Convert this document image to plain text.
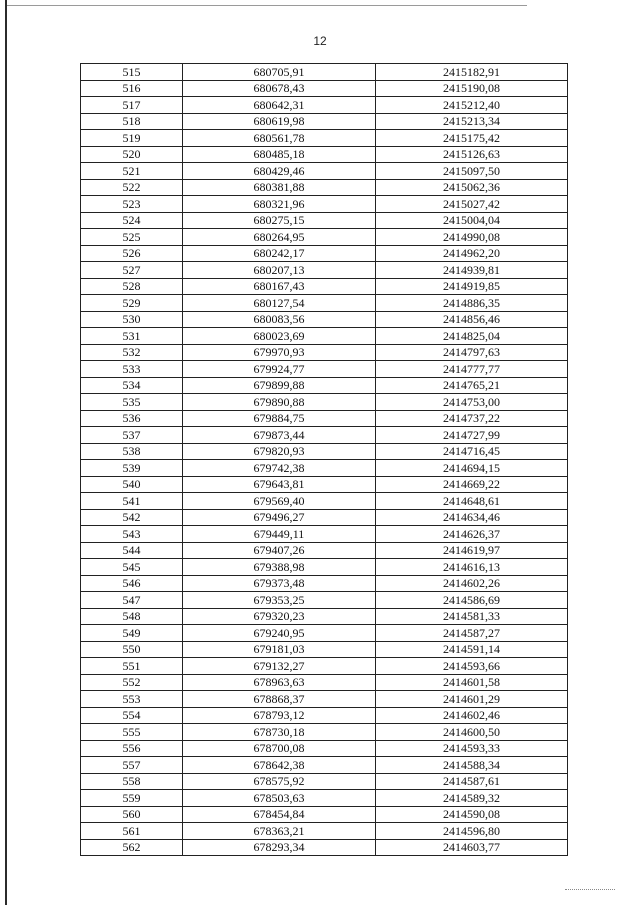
12
515	680705,91	2415182,91
516	680678,43	2415190,08
517	680642,31	2415212,40
518	680619,98	2415213,34
519	680561,78	2415175,42
520	680485,18	2415126,63
521	680429,46	2415097,50
522	680381,88	2415062,36
523	680321,96	2415027,42
524	680275,15	2415004,04
525	680264,95	2414990,08
526	680242,17	2414962,20
527	680207,13	2414939,81
528	680167,43	2414919,85
529	680127,54	2414886,35
530	680083,56	2414856,46
531	680023,69	2414825,04
532	679970,93	2414797,63
533	679924,77	2414777,77
534	679899,88	2414765,21
535	679890,88	2414753,00
536	679884,75	2414737,22
537	679873,44	2414727,99
538	679820,93	2414716,45
539	679742,38	2414694,15
540	679643,81	2414669,22
541	679569,40	2414648,61
542	679496,27	2414634,46
543	679449,11	2414626,37
544	679407,26	2414619,97
545	679388,98	2414616,13
546	679373,48	2414602,26
547	679353,25	2414586,69
548	679320,23	2414581,33
549	679240,95	2414587,27
550	679181,03	2414591,14
551	679132,27	2414593,66
552	678963,63	2414601,58
553	678868,37	2414601,29
554	678793,12	2414602,46
555	678730,18	2414600,50
556	678700,08	2414593,33
557	678642,38	2414588,34
558	678575,92	2414587,61
559	678503,63	2414589,32
560	678454,84	2414590,08
561	678363,21	2414596,80
562	678293,34	2414603,77
